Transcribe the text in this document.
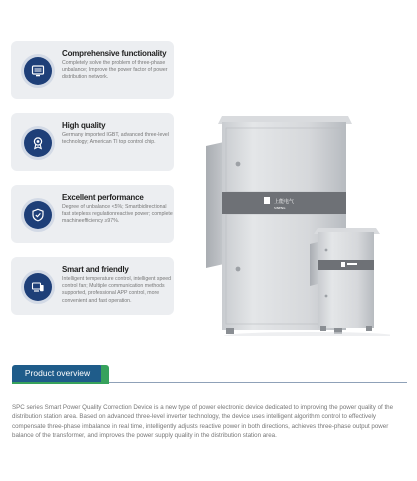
Comprehensive functionality
Completely solve the problem of three-phase unbalance; Improve the power factor of power distribution network.
High quality
Germany imported IGBT, advanced three-level technology; American TI top control chip.
Excellent performance
Degree of unbalance <5%; Smartbidirectional fast stepless regulationreactive power; complete machineefficiency ≥97%.
Smart and friendly
Intelligent temperature control, intelligent speed control fan; Multiple communication methods supported, professional APP control, more convenient and fast operation.
上能电气
SINENG
Product overview
SPC series Smart Power Quality Correction Device is a new type of power electronic device dedicated to improving the power quality of the distribution station area. Based on advanced three-level inverter technology, the device uses intelligent algorithm control to effectively compensate three-phase imbalance in real time, intelligently adjusts reactive power in both directions, achieves three-phase output power balance of the transformer, and improves the power supply quality in the distribution station area.
